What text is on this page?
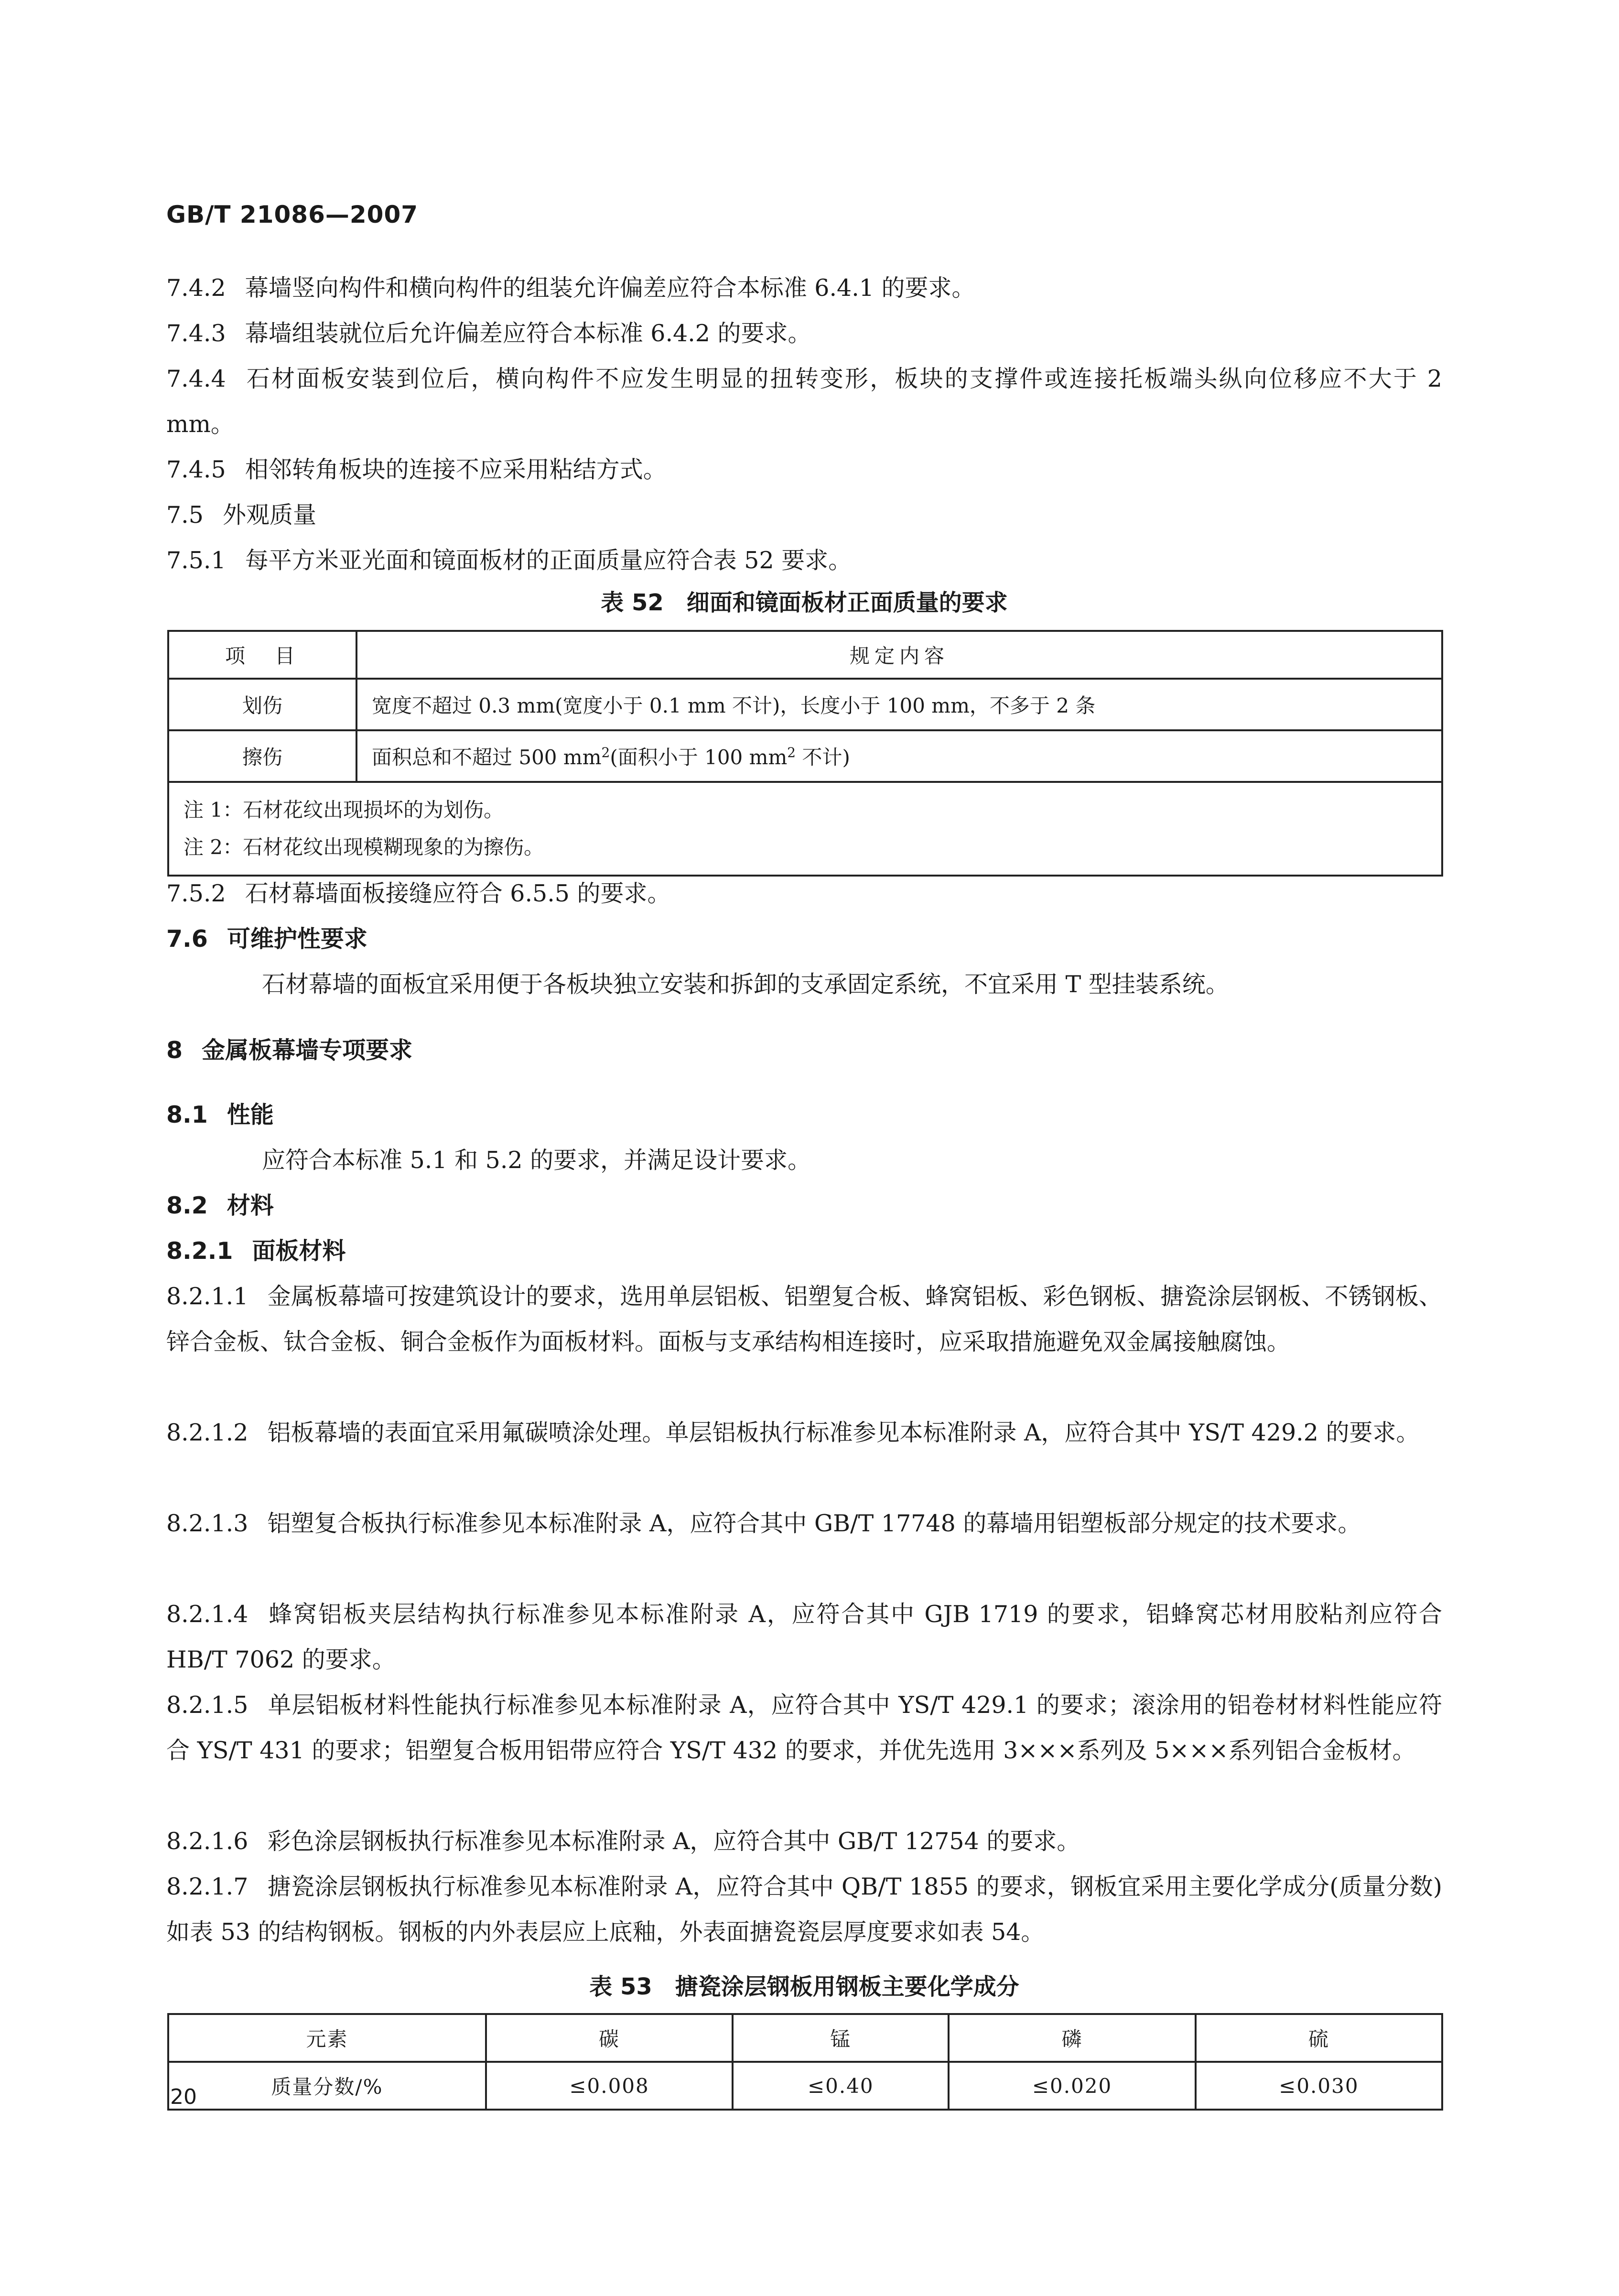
GB/T 21086—2007

7.4.2 幕墙竖向构件和横向构件的组装允许偏差应符合本标准 6.4.1 的要求。

7.4.3 幕墙组装就位后允许偏差应符合本标准 6.4.2 的要求。

7.4.4 石材面板安装到位后，横向构件不应发生明显的扭转变形，板块的支撑件或连接托板端头纵向位移应不大于 2 mm。

7.4.5 相邻转角板块的连接不应采用粘结方式。

7.5 外观质量

7.5.1 每平方米亚光面和镜面板材的正面质量应符合表 52 要求。

表 52　细面和镜面板材正面质量的要求
项　目	规定内容
划伤	宽度不超过 0.3 mm(宽度小于 0.1 mm 不计)，长度小于 100 mm，不多于 2 条
擦伤	面积总和不超过 500 $mm^2$(面积小于 100 $mm^2$ 不计)

注 1：石材花纹出现损坏的为划伤。
注 2：石材花纹出现模糊现象的为擦伤。	

7.5.2 石材幕墙面板接缝应符合 6.5.5 的要求。

7.6 可维护性要求

石材幕墙的面板宜采用便于各板块独立安装和拆卸的支承固定系统，不宜采用 T 型挂装系统。

8 金属板幕墙专项要求

8.1 性能

应符合本标准 5.1 和 5.2 的要求，并满足设计要求。

8.2 材料

8.2.1 面板材料

8.2.1.1 金属板幕墙可按建筑设计的要求，选用单层铝板、铝塑复合板、蜂窝铝板、彩色钢板、搪瓷涂层钢板、不锈钢板、锌合金板、钛合金板、铜合金板作为面板材料。面板与支承结构相连接时，应采取措施避免双金属接触腐蚀。

8.2.1.2 铝板幕墙的表面宜采用氟碳喷涂处理。单层铝板执行标准参见本标准附录 A，应符合其中 YS/T 429.2 的要求。

8.2.1.3 铝塑复合板执行标准参见本标准附录 A，应符合其中 GB/T 17748 的幕墙用铝塑板部分规定的技术要求。

8.2.1.4 蜂窝铝板夹层结构执行标准参见本标准附录 A，应符合其中 GJB 1719 的要求，铝蜂窝芯材用胶粘剂应符合 HB/T 7062 的要求。

8.2.1.5 单层铝板材料性能执行标准参见本标准附录 A，应符合其中 YS/T 429.1 的要求；滚涂用的铝卷材材料性能应符合 YS/T 431 的要求；铝塑复合板用铝带应符合 YS/T 432 的要求，并优先选用 3×××系列及 5×××系列铝合金板材。

8.2.1.6 彩色涂层钢板执行标准参见本标准附录 A，应符合其中 GB/T 12754 的要求。

8.2.1.7 搪瓷涂层钢板执行标准参见本标准附录 A，应符合其中 QB/T 1855 的要求，钢板宜采用主要化学成分(质量分数)如表 53 的结构钢板。钢板的内外表层应上底釉，外表面搪瓷瓷层厚度要求如表 54。

表 53　搪瓷涂层钢板用钢板主要化学成分
元素	碳	锰	磷	硫
质量分数/%	≤0.008	≤0.40	≤0.020	≤0.030
20
